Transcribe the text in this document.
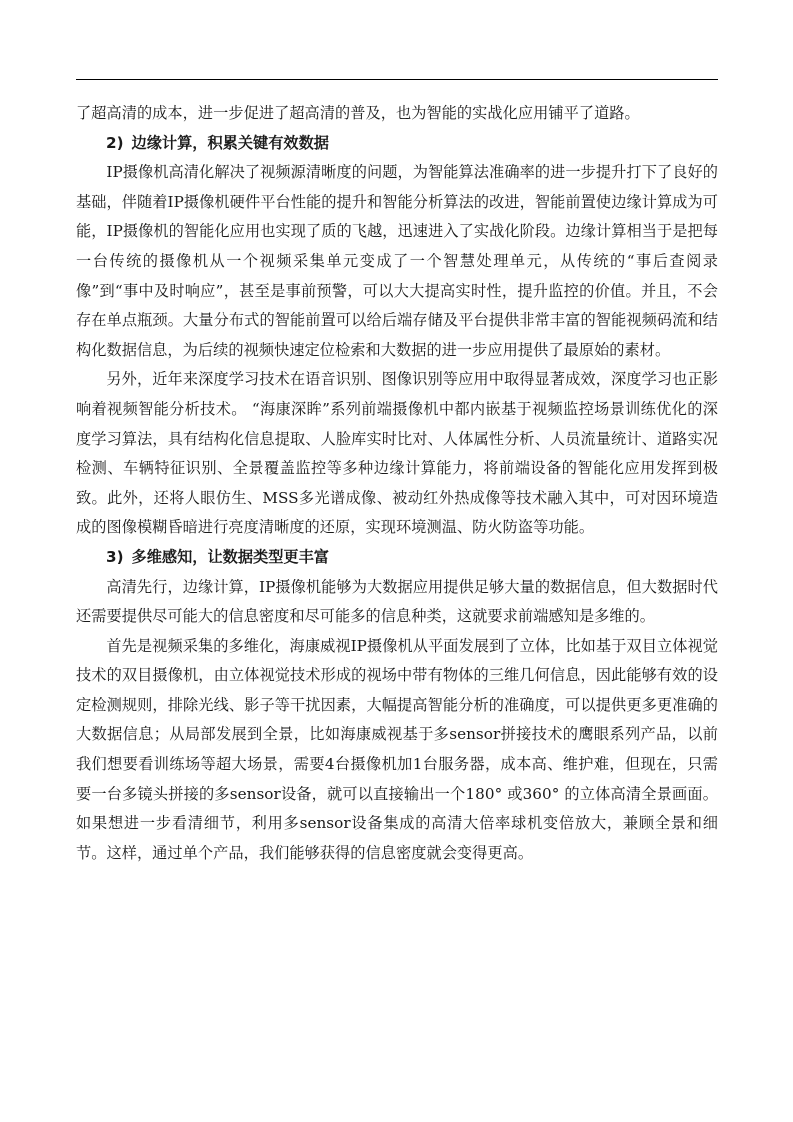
了超高清的成本，进一步促进了超高清的普及，也为智能的实战化应用铺平了道路。

2) 边缘计算，积累关键有效数据

IP摄像机高清化解决了视频源清晰度的问题，为智能算法准确率的进一步提升打下了良好的基础，伴随着IP摄像机硬件平台性能的提升和智能分析算法的改进，智能前置使边缘计算成为可能，IP摄像机的智能化应用也实现了质的飞越，迅速进入了实战化阶段。边缘计算相当于是把每一台传统的摄像机从一个视频采集单元变成了一个智慧处理单元，从传统的“事后查阅录像”到“事中及时响应”，甚至是事前预警，可以大大提高实时性，提升监控的价值。并且，不会存在单点瓶颈。大量分布式的智能前置可以给后端存储及平台提供非常丰富的智能视频码流和结构化数据信息，为后续的视频快速定位检索和大数据的进一步应用提供了最原始的素材。

另外，近年来深度学习技术在语音识别、图像识别等应用中取得显著成效，深度学习也正影响着视频智能分析技术。 “海康深眸”系列前端摄像机中都内嵌基于视频监控场景训练优化的深度学习算法，具有结构化信息提取、人脸库实时比对、人体属性分析、人员流量统计、道路实况检测、车辆特征识别、全景覆盖监控等多种边缘计算能力，将前端设备的智能化应用发挥到极致。此外，还将人眼仿生、MSS多光谱成像、被动红外热成像等技术融入其中，可对因环境造成的图像模糊昏暗进行亮度清晰度的还原，实现环境测温、防火防盗等功能。

3) 多维感知，让数据类型更丰富

高清先行，边缘计算，IP摄像机能够为大数据应用提供足够大量的数据信息，但大数据时代还需要提供尽可能大的信息密度和尽可能多的信息种类，这就要求前端感知是多维的。

首先是视频采集的多维化，海康威视IP摄像机从平面发展到了立体，比如基于双目立体视觉技术的双目摄像机，由立体视觉技术形成的视场中带有物体的三维几何信息，因此能够有效的设定检测规则，排除光线、影子等干扰因素，大幅提高智能分析的准确度，可以提供更多更准确的大数据信息；从局部发展到全景，比如海康威视基于多sensor拼接技术的鹰眼系列产品，以前我们想要看训练场等超大场景，需要4台摄像机加1台服务器，成本高、维护难，但现在，只需要一台多镜头拼接的多sensor设备，就可以直接输出一个180° 或360° 的立体高清全景画面。如果想进一步看清细节，利用多sensor设备集成的高清大倍率球机变倍放大，兼顾全景和细节。这样，通过单个产品，我们能够获得的信息密度就会变得更高。
